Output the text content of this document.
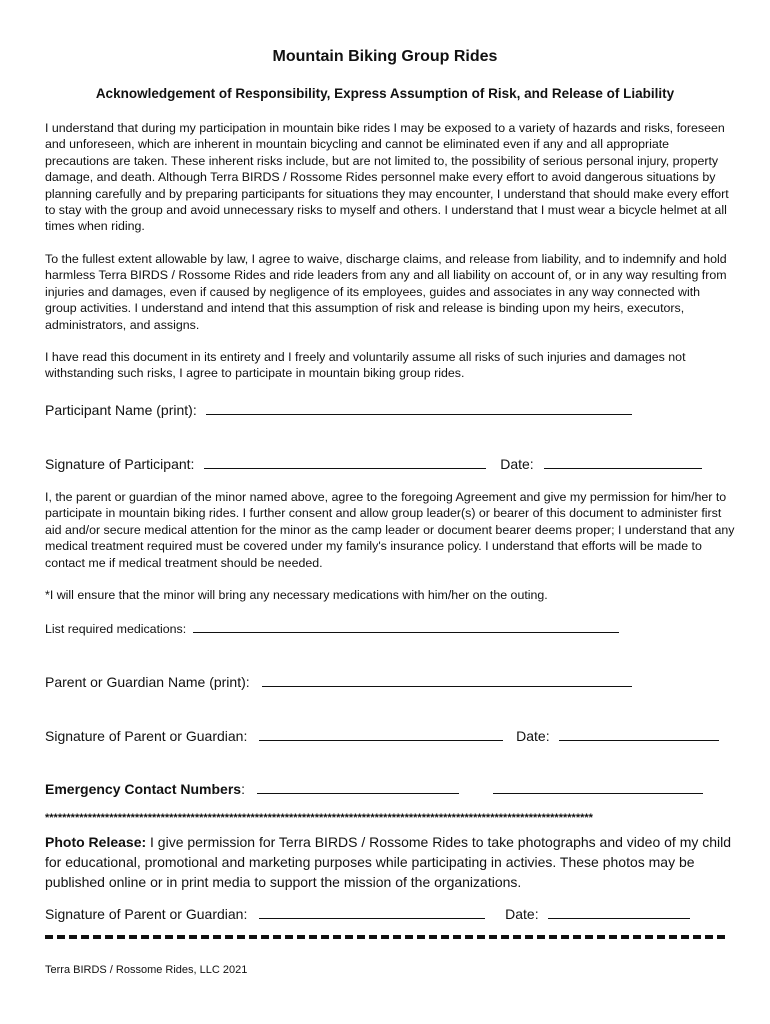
Mountain Biking Group Rides
Acknowledgement of Responsibility, Express Assumption of Risk, and Release of Liability

I understand that during my participation in mountain bike rides I may be exposed to a variety of hazards and risks, foreseen and unforeseen, which are inherent in mountain bicycling and cannot be eliminated even if any and all appropriate precautions are taken. These inherent risks include, but are not limited to, the possibility of serious personal injury, property damage, and death. Although Terra BIRDS / Rossome Rides personnel make every effort to avoid dangerous situations by planning carefully and by preparing participants for situations they may encounter, I understand that should make every effort to stay with the group and avoid unnecessary risks to myself and others. I understand that I must wear a bicycle helmet at all times when riding.

To the fullest extent allowable by law, I agree to waive, discharge claims, and release from liability, and to indemnify and hold harmless Terra BIRDS / Rossome Rides and ride leaders from any and all liability on account of, or in any way resulting from injuries and damages, even if caused by negligence of its employees, guides and associates in any way connected with group activities. I understand and intend that this assumption of risk and release is binding upon my heirs, executors, administrators, and assigns.

I have read this document in its entirety and I freely and voluntarily assume all risks of such injuries and damages not withstanding such risks, I agree to participate in mountain biking group rides.

Participant Name (print):
Signature of Participant:	Date:

I, the parent or guardian of the minor named above, agree to the foregoing Agreement and give my permission for him/her to participate in mountain biking rides. I further consent and allow group leader(s) or bearer of this document to administer first aid and/or secure medical attention for the minor as the camp leader or document bearer deems proper; I understand that any medical treatment required must be covered under my family's insurance policy. I understand that efforts will be made to contact me if medical treatment should be needed.

*I will ensure that the minor will bring any necessary medications with him/her on the outing.
List required medications:
Parent or Guardian Name (print):
Signature of Parent or Guardian:	Date:
Emergency Contact Numbers:
********************************************************************************************************************************

Photo Release: I give permission for Terra BIRDS / Rossome Rides to take photographs and video of my child for educational, promotional and marketing purposes while participating in activies. These photos may be published online or in print media to support the mission of the organizations.

Signature of Parent or Guardian:	Date:
Terra BIRDS / Rossome Rides, LLC 2021
